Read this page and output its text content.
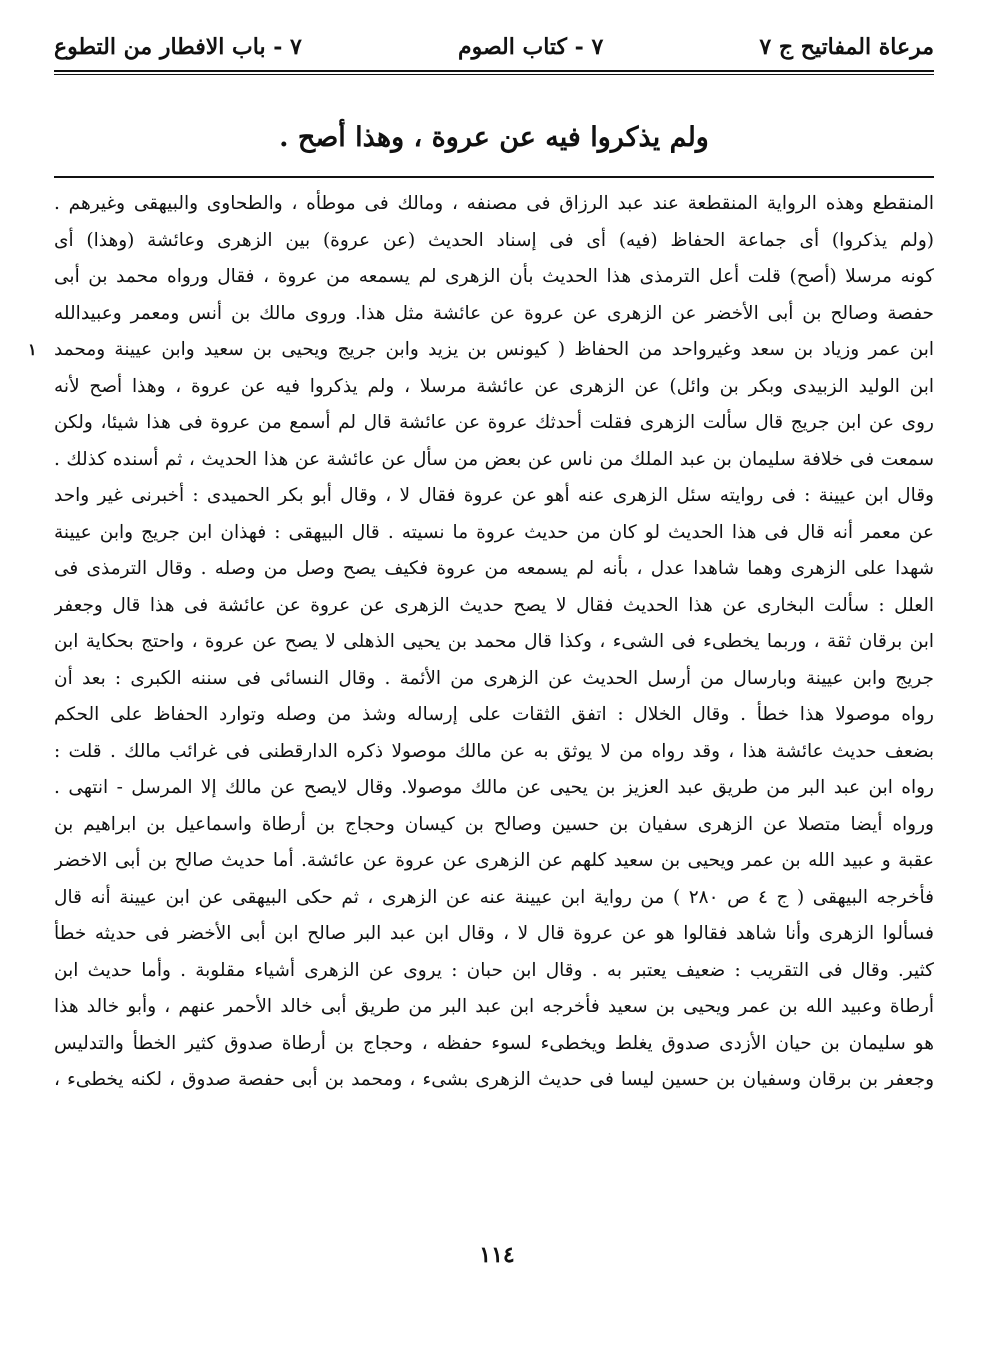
مرعاة المفاتيح ج ٧
٧ - كتاب الصوم
٧ - باب الافطار من التطوع
ولم يذكروا فيه عن عروة ، وهذا أصح .
المنقطع وهذه الرواية المنقطعة عند عبد الرزاق فى مصنفه ، ومالك فى موطأه ، والطحاوى والبيهقى وغيرهم .
(ولم يذكروا) أى جماعة الحفاظ (فيه) أى فى إسناد الحديث (عن عروة) بين الزهرى وعائشة (وهذا) أى
كونه مرسلا (أصح) قلت أعل الترمذى هذا الحديث بأن الزهرى لم يسمعه من عروة ، فقال ورواه محمد بن أبى
حفصة وصالح بن أبى الأخضر عن الزهرى عن عروة عن عائشة مثل هذا. وروى مالك بن أنس ومعمر وعبيدالله
ابن عمر وزياد بن سعد وغيرواحد من الحفاظ ( كيونس بن يزيد وابن جريج ويحيى بن سعيد وابن عيينة ومحمد
ابن الوليد الزبيدى وبكر بن وائل) عن الزهرى عن عائشة مرسلا ، ولم يذكروا فيه عن عروة ، وهذا أصح لأنه
روى عن ابن جريج قال سألت الزهرى فقلت أحدثك عروة عن عائشة قال لم أسمع من عروة فى هذا شيئا، ولكن
سمعت فى خلافة سليمان بن عبد الملك من ناس عن بعض من سأل عن عائشة عن هذا الحديث ، ثم أسنده كذلك .
وقال ابن عيينة : فى روايته سئل الزهرى عنه أهو عن عروة فقال لا ، وقال أبو بكر الحميدى : أخبرنى غير واحد
عن معمر أنه قال فى هذا الحديث لو كان من حديث عروة ما نسيته . قال البيهقى : فهذان ابن جريج وابن عيينة
شهدا على الزهرى وهما شاهدا عدل ، بأنه لم يسمعه من عروة فكيف يصح وصل من وصله . وقال الترمذى فى
العلل : سألت البخارى عن هذا الحديث فقال لا يصح حديث الزهرى عن عروة عن عائشة فى هذا قال وجعفر
ابن برقان ثقة ، وربما يخطىء فى الشىء ، وكذا قال محمد بن يحيى الذهلى لا يصح عن عروة ، واحتج بحكاية ابن
جريج وابن عيينة وبارسال من أرسل الحديث عن الزهرى من الأئمة . وقال النسائى فى سننه الكبرى : بعد أن
رواه موصولا هذا خطأ . وقال الخلال : اتفق الثقات على إرساله وشذ من وصله وتوارد الحفاظ على الحكم
بضعف حديث عائشة هذا ، وقد رواه من لا يوثق به عن مالك موصولا ذكره الدارقطنى فى غرائب مالك . قلت :
رواه ابن عبد البر من طريق عبد العزيز بن يحيى عن مالك موصولا. وقال لايصح عن مالك إلا المرسل - انتهى .
ورواه أيضا متصلا عن الزهرى سفيان بن حسين وصالح بن كيسان وحجاج بن أرطاة واسماعيل بن ابراهيم بن
عقبة و عبيد الله بن عمر ويحيى بن سعيد كلهم عن الزهرى عن عروة عن عائشة. أما حديث صالح بن أبى الاخضر
فأخرجه البيهقى ( ج ٤ ص ٢٨٠ ) من رواية ابن عيينة عنه عن الزهرى ، ثم حكى البيهقى عن ابن عيينة أنه قال
فسألوا الزهرى وأنا شاهد فقالوا هو عن عروة قال لا ، وقال ابن عبد البر صالح ابن أبى الأخضر فى حديثه خطأ
كثير. وقال فى التقريب : ضعيف يعتبر به . وقال ابن حبان : يروى عن الزهرى أشياء مقلوبة . وأما حديث ابن
أرطاة وعبيد الله بن عمر ويحيى بن سعيد فأخرجه ابن عبد البر من طريق أبى خالد الأحمر عنهم ، وأبو خالد هذا
هو سليمان بن حيان الأزدى صدوق يغلط ويخطىء لسوء حفظه ، وحجاج بن أرطاة صدوق كثير الخطأ والتدليس
وجعفر بن برقان وسفيان بن حسين ليسا فى حديث الزهرى بشىء ، ومحمد بن أبى حفصة صدوق ، لكنه يخطىء ،
١
١١٤
